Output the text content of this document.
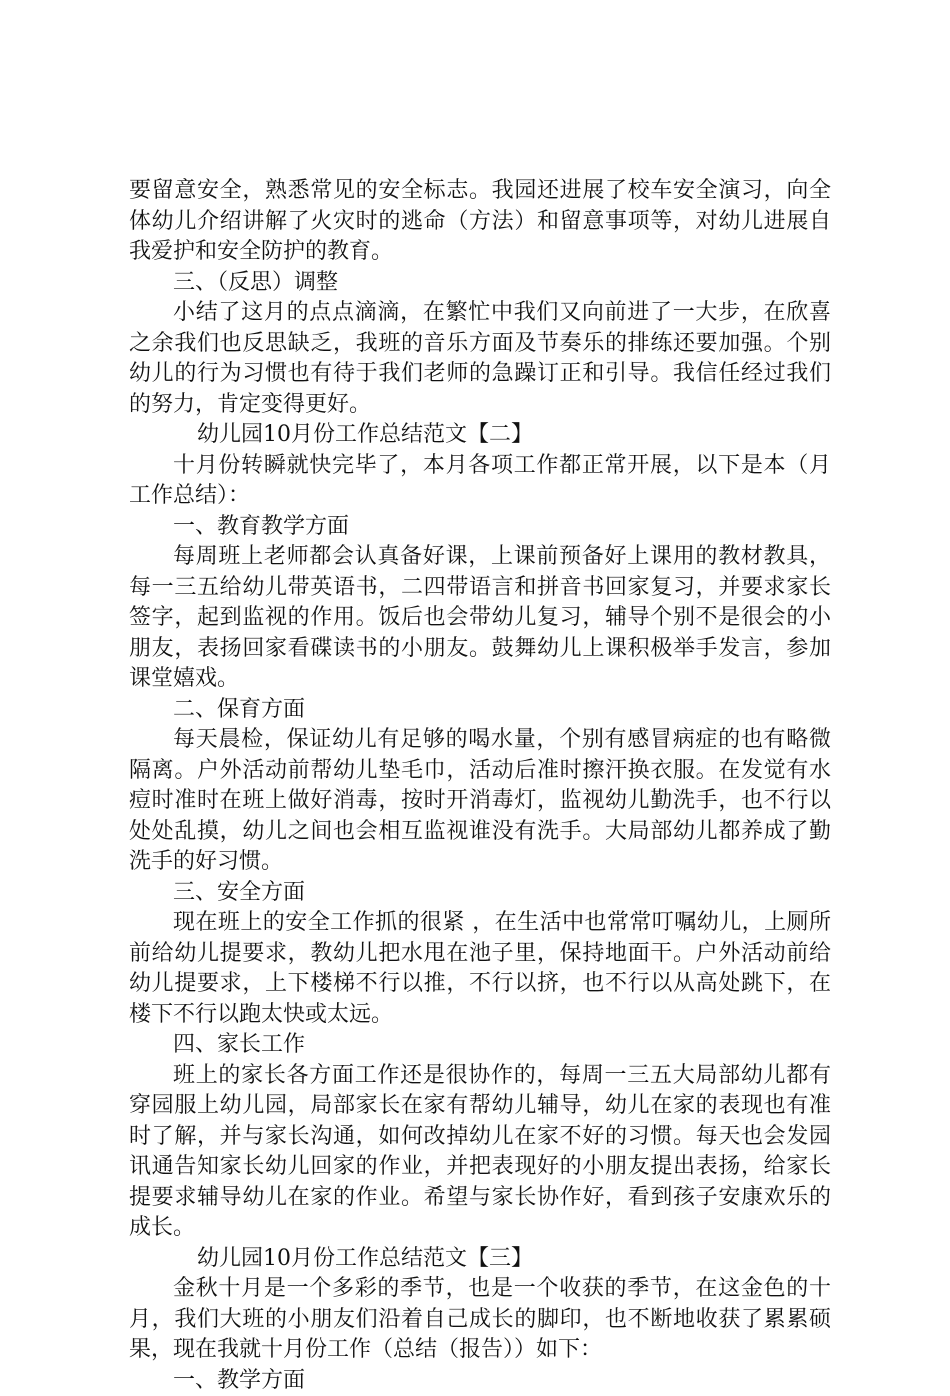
要留意安全，熟悉常见的安全标志。我园还进展了校车安全演习，向全体幼儿介绍讲解了火灾时的逃命（方法）和留意事项等，对幼儿进展自我爱护和安全防护的教育。

三、（反思）调整

小结了这月的点点滴滴，在繁忙中我们又向前进了一大步，在欣喜之余我们也反思缺乏，我班的音乐方面及节奏乐的排练还要加强。个别幼儿的行为习惯也有待于我们老师的急躁订正和引导。我信任经过我们的努力，肯定变得更好。

幼儿园10月份工作总结范文【二】

十月份转瞬就快完毕了，本月各项工作都正常开展，以下是本（月工作总结）：

一、教育教学方面

每周班上老师都会认真备好课，上课前预备好上课用的教材教具，每一三五给幼儿带英语书，二四带语言和拼音书回家复习，并要求家长签字，起到监视的作用。饭后也会带幼儿复习，辅导个别不是很会的小朋友，表扬回家看碟读书的小朋友。鼓舞幼儿上课积极举手发言，参加课堂嬉戏。

二、保育方面

每天晨检，保证幼儿有足够的喝水量，个别有感冒病症的也有略微隔离。户外活动前帮幼儿垫毛巾，活动后准时擦汗换衣服。在发觉有水痘时准时在班上做好消毒，按时开消毒灯，监视幼儿勤洗手，也不行以处处乱摸，幼儿之间也会相互监视谁没有洗手。大局部幼儿都养成了勤洗手的好习惯。

三、安全方面

现在班上的安全工作抓的很紧 ，在生活中也常常叮嘱幼儿，上厕所前给幼儿提要求，教幼儿把水甩在池子里，保持地面干。户外活动前给幼儿提要求，上下楼梯不行以推，不行以挤，也不行以从高处跳下，在楼下不行以跑太快或太远。

四、家长工作

班上的家长各方面工作还是很协作的，每周一三五大局部幼儿都有穿园服上幼儿园，局部家长在家有帮幼儿辅导，幼儿在家的表现也有准时了解，并与家长沟通，如何改掉幼儿在家不好的习惯。每天也会发园讯通告知家长幼儿回家的作业，并把表现好的小朋友提出表扬，给家长提要求辅导幼儿在家的作业。希望与家长协作好，看到孩子安康欢乐的成长。

幼儿园10月份工作总结范文【三】

金秋十月是一个多彩的季节，也是一个收获的季节，在这金色的十月，我们大班的小朋友们沿着自己成长的脚印，也不断地收获了累累硕果，现在我就十月份工作（总结（报告））如下：

一、教学方面
